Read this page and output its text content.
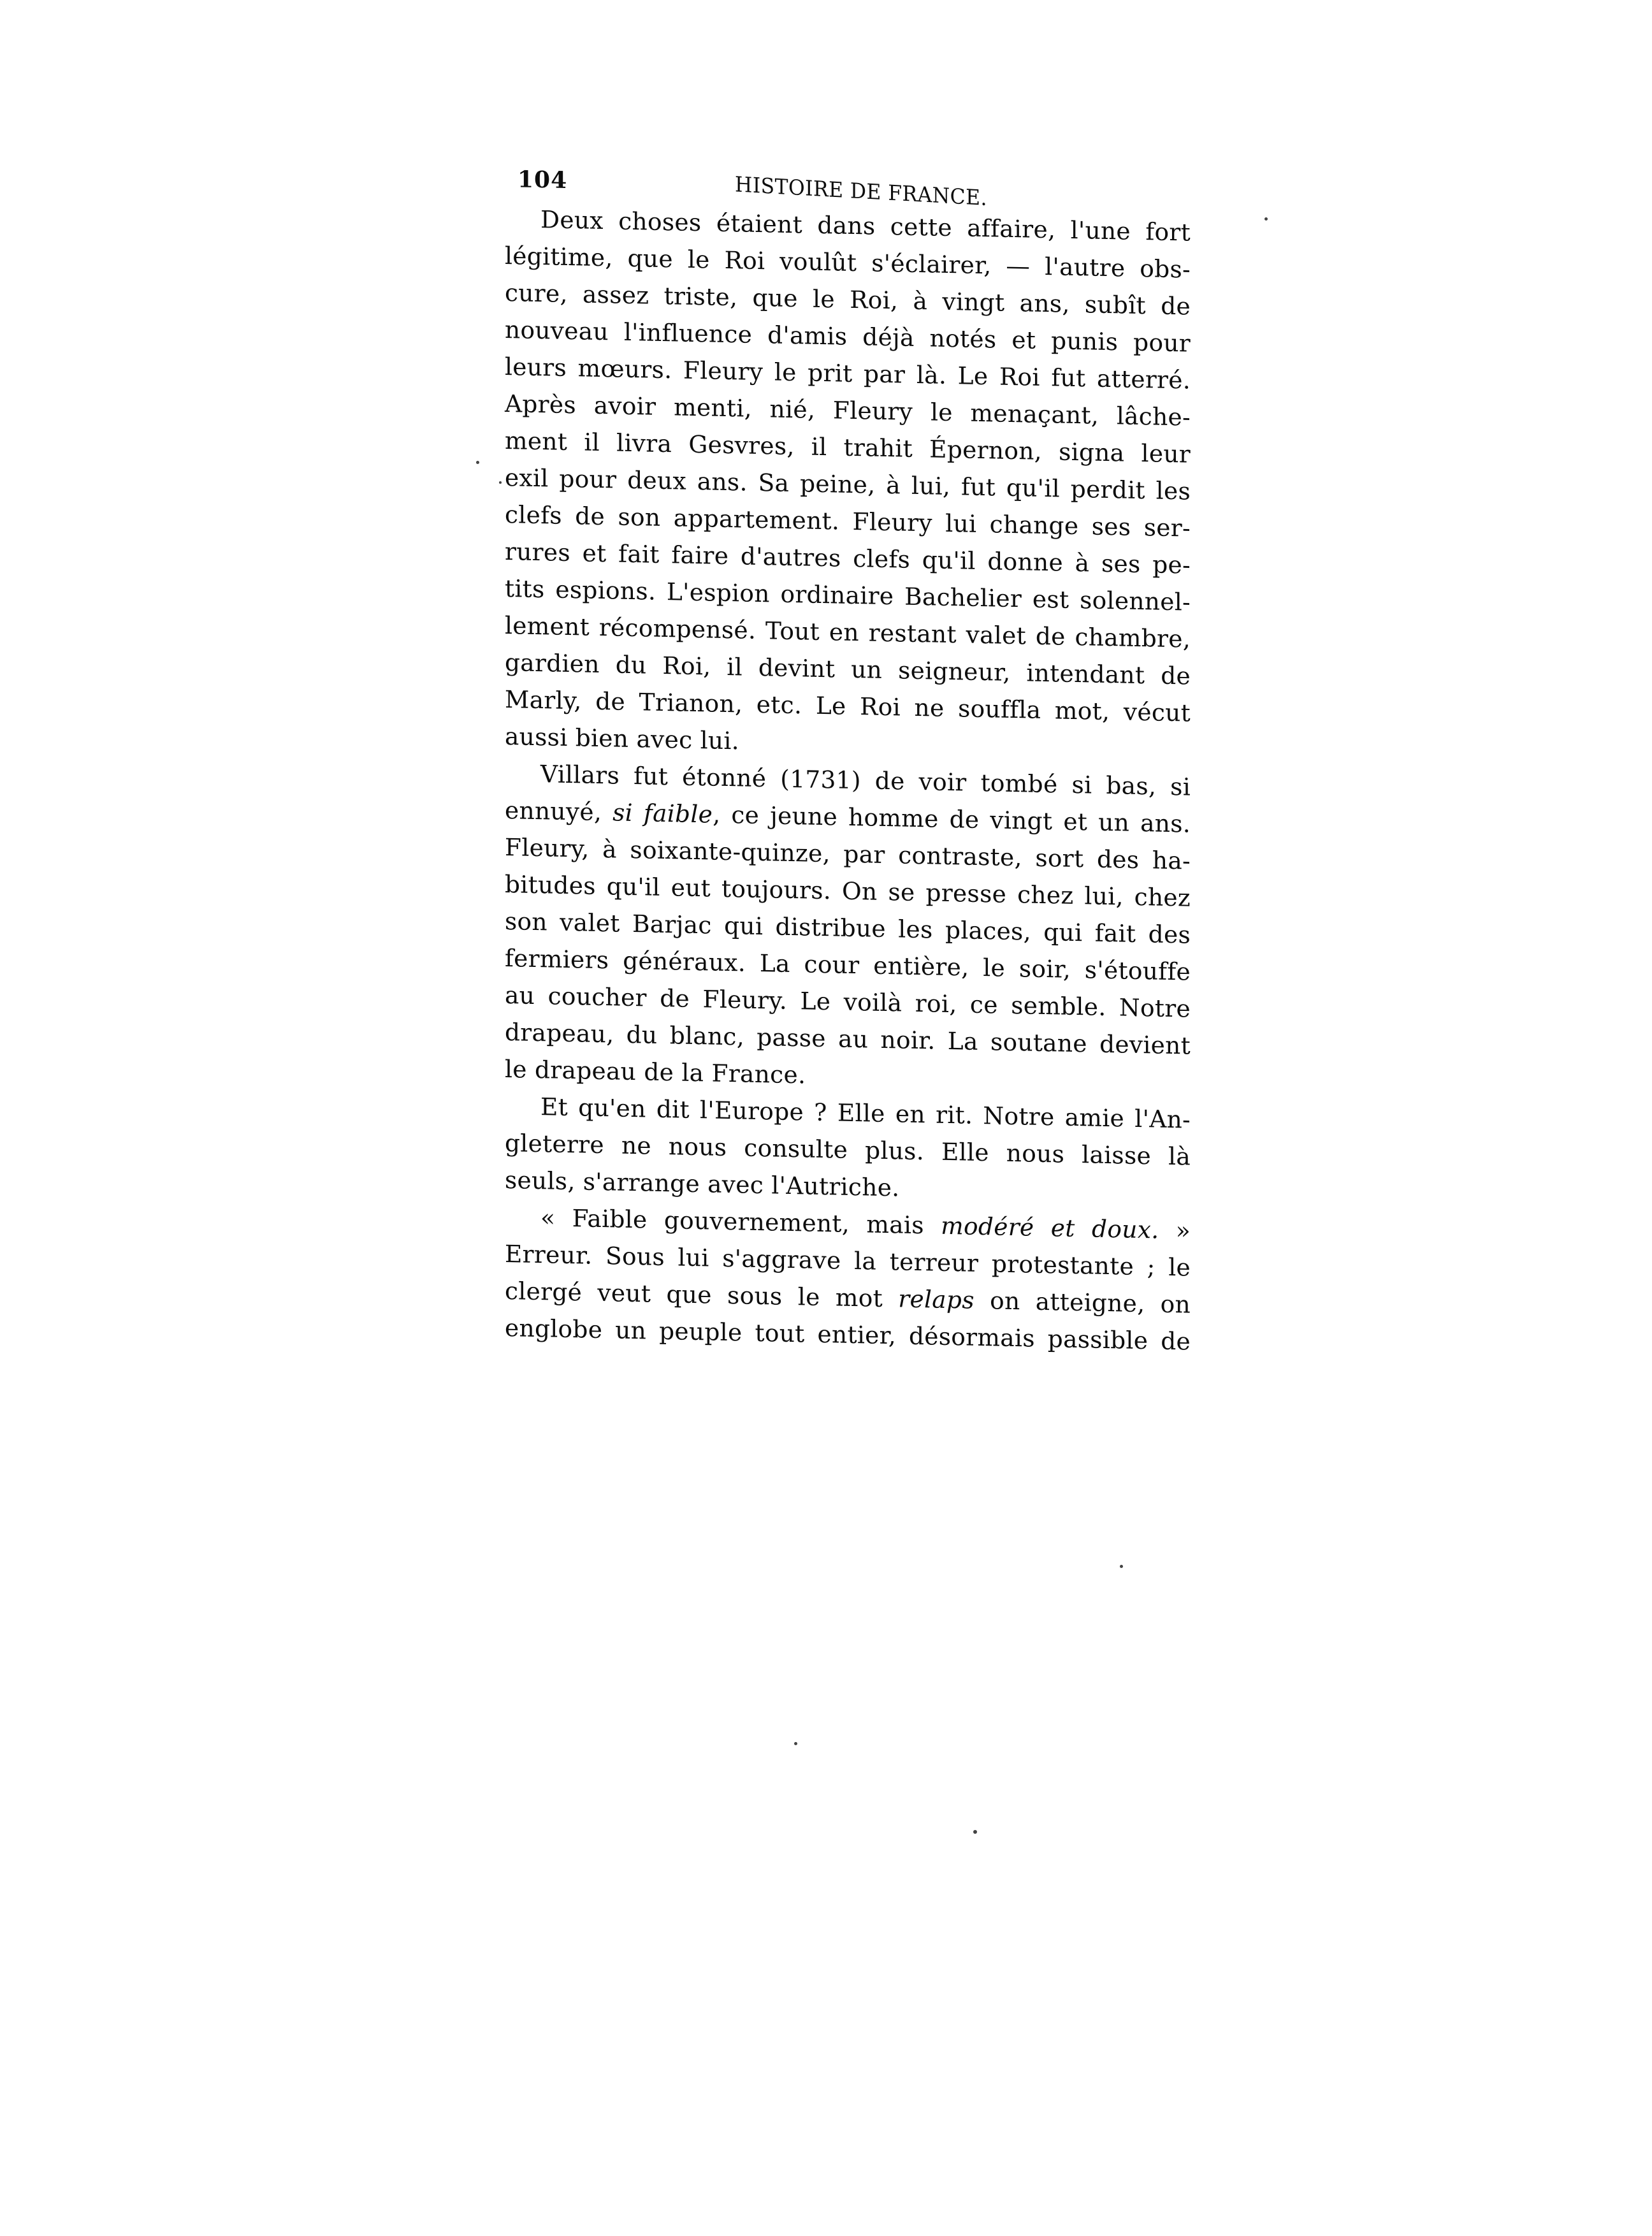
104	HISTOIRE DE FRANCE.
Deux choses étaient dans cette affaire, l'une fort
légitime, que le Roi voulût s'éclairer, — l'autre obs-
cure, assez triste, que le Roi, à vingt ans, subît de
nouveau l'influence d'amis déjà notés et punis pour
leurs mœurs. Fleury le prit par là. Le Roi fut atterré.
Après avoir menti, nié, Fleury le menaçant, lâche-
ment il livra Gesvres, il trahit Épernon, signa leur
exil pour deux ans. Sa peine, à lui, fut qu'il perdit les
clefs de son appartement. Fleury lui change ses ser-
rures et fait faire d'autres clefs qu'il donne à ses pe-
tits espions. L'espion ordinaire Bachelier est solennel-
lement récompensé. Tout en restant valet de chambre,
gardien du Roi, il devint un seigneur, intendant de
Marly, de Trianon, etc. Le Roi ne souffla mot, vécut
aussi bien avec lui.
Villars fut étonné (1731) de voir tombé si bas, si
ennuyé, si faible, ce jeune homme de vingt et un ans.
Fleury, à soixante-quinze, par contraste, sort des ha-
bitudes qu'il eut toujours. On se presse chez lui, chez
son valet Barjac qui distribue les places, qui fait des
fermiers généraux. La cour entière, le soir, s'étouffe
au coucher de Fleury. Le voilà roi, ce semble. Notre
drapeau, du blanc, passe au noir. La soutane devient
le drapeau de la France.
Et qu'en dit l'Europe ? Elle en rit. Notre amie l'An-
gleterre ne nous consulte plus. Elle nous laisse là
seuls, s'arrange avec l'Autriche.
« Faible gouvernement, mais modéré et doux. »
Erreur. Sous lui s'aggrave la terreur protestante ; le
clergé veut que sous le mot relaps on atteigne, on
englobe un peuple tout entier, désormais passible de
